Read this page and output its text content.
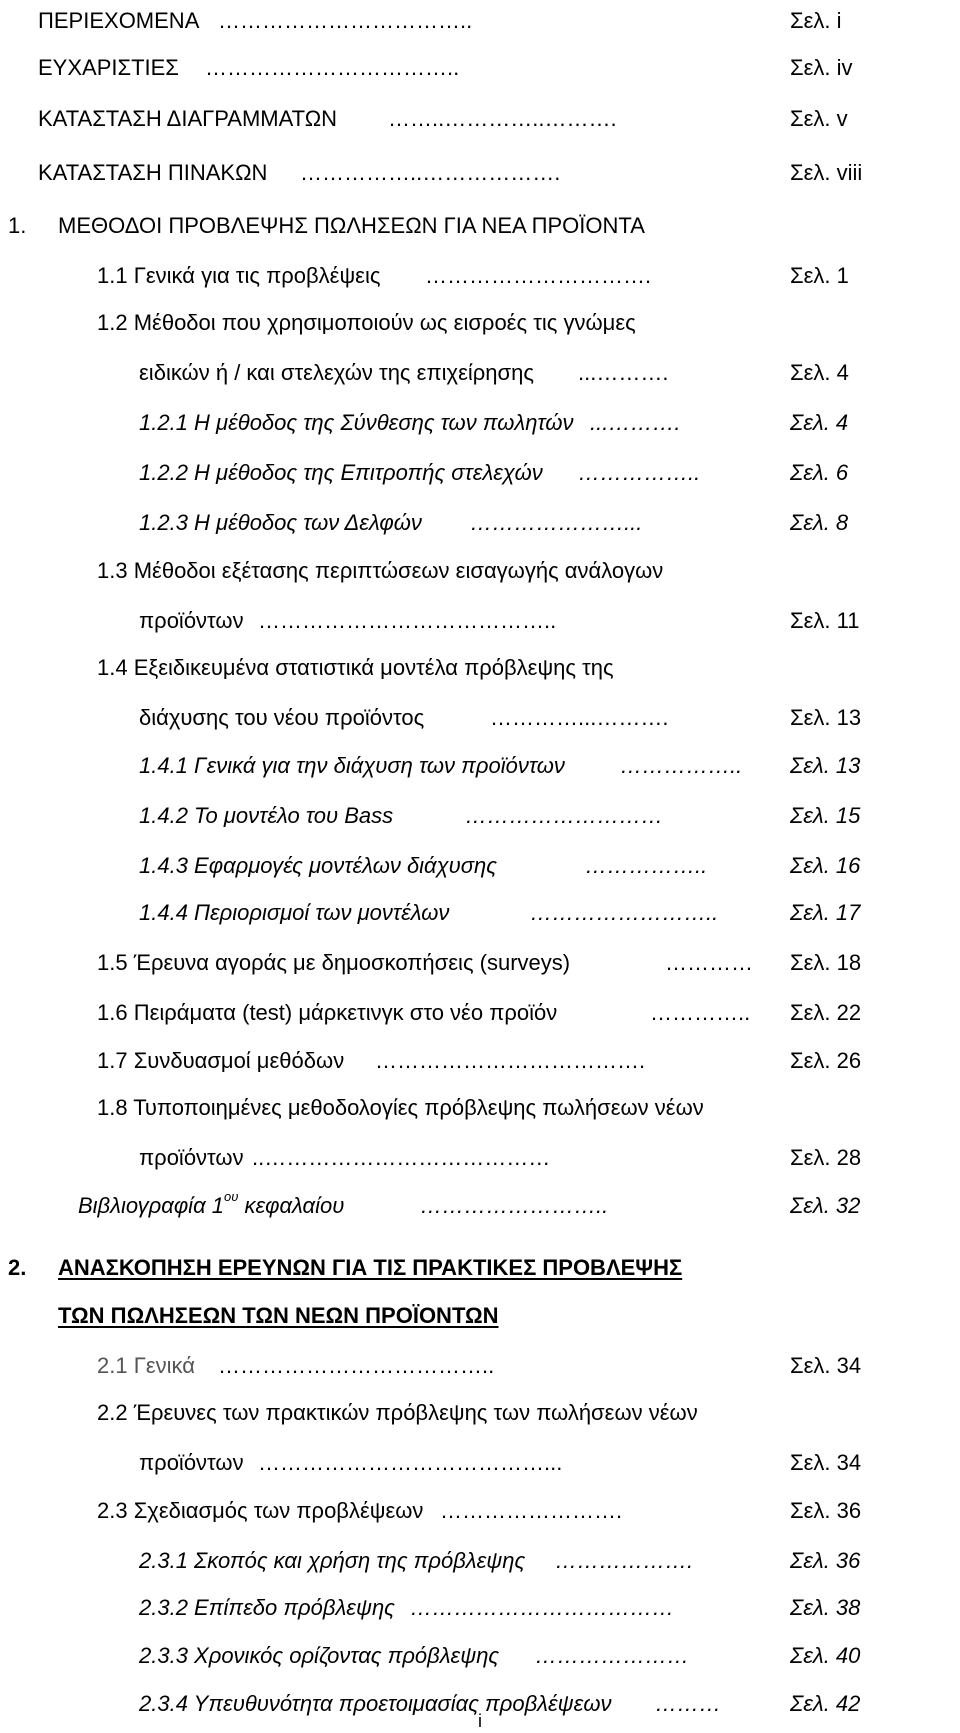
ΠΕΡΙΕΧΟΜΕΝΑ ……………………………..	Σελ. i
ΕΥΧΑΡΙΣΤΙΕΣ ……………………………..	Σελ. iv
ΚΑΤΑΣΤΑΣΗ ΔΙΑΓΡΑΜΜΑΤΩΝ ……..…………..……….	Σελ. v
ΚΑΤΑΣΤΑΣΗ ΠΙΝΑΚΩΝ ……………..……………….	Σελ. viii
1. ΜΕΘΟΔΟΙ ΠΡΟΒΛΕΨΗΣ ΠΩΛΗΣΕΩΝ ΓΙΑ ΝΕΑ ΠΡΟΪΟΝΤΑ
1.1 Γενικά για τις προβλέψεις ………………………….	Σελ. 1
1.2 Μέθοδοι που χρησιμοποιούν ως εισροές τις γνώμες
ειδικών ή / και στελεχών της επιχείρησης ...……….	Σελ. 4
1.2.1 Η μέθοδος της Σύνθεσης των πωλητών ...……….	Σελ. 4
1.2.2 Η μέθοδος της Επιτροπής στελεχών ……………..	Σελ. 6
1.2.3 Η μέθοδος των Δελφών …………………...	Σελ. 8
1.3 Μέθοδοι εξέτασης περιπτώσεων εισαγωγής ανάλογων
προϊόντων …………………………………..	Σελ. 11
1.4 Εξειδικευμένα στατιστικά μοντέλα πρόβλεψης της
διάχυσης του νέου προϊόντος	…………...……….	Σελ. 13
1.4.1 Γενικά για την διάχυση των προϊόντων	…………….. Σελ. 13
1.4.2 Το μοντέλο του Bass	………………………	Σελ. 15
1.4.3 Εφαρμογές μοντέλων διάχυσης	……………..	Σελ. 16
1.4.4 Περιορισμοί των μοντέλων	……………………..	Σελ. 17
1.5 Έρευνα αγοράς με δημοσκοπήσεις (surveys)	………… Σελ. 18
1.6 Πειράματα (test) μάρκετινγκ στο νέο προϊόν	………….. Σελ. 22
1.7 Συνδυασμοί μεθόδων ……………………………….	Σελ. 26
1.8 Τυποποιημένες μεθοδολογίες πρόβλεψης πωλήσεων νέων
προϊόντων ..…………………………………	Σελ. 28
Βιβλιογραφία $1^{o\upsilon}$ κεφαλαίου	……………………..	Σελ. 32
2. ΑΝΑΣΚΟΠΗΣΗ ΕΡΕΥΝΩΝ ΓΙΑ ΤΙΣ ΠΡΑΚΤΙΚΕΣ ΠΡΟΒΛΕΨΗΣ
ΤΩΝ ΠΩΛΗΣΕΩΝ ΤΩΝ ΝΕΩΝ ΠΡΟΪΟΝΤΩΝ
2.1 Γενικά ………………………………..	Σελ. 34
2.2 Έρευνες των πρακτικών πρόβλεψης των πωλήσεων νέων
προϊόντων …………………………………...	Σελ. 34
2.3 Σχεδιασμός των προβλέψεων …………………….	Σελ. 36
2.3.1 Σκοπός και χρήση της πρόβλεψης ……………….	Σελ. 36
2.3.2 Επίπεδο πρόβλεψης ………………………………	Σελ. 38
2.3.3 Χρονικός ορίζοντας πρόβλεψης …………………	Σελ. 40
2.3.4 Υπευθυνότητα προετοιμασίας προβλέψεων ………	Σελ. 42
i
